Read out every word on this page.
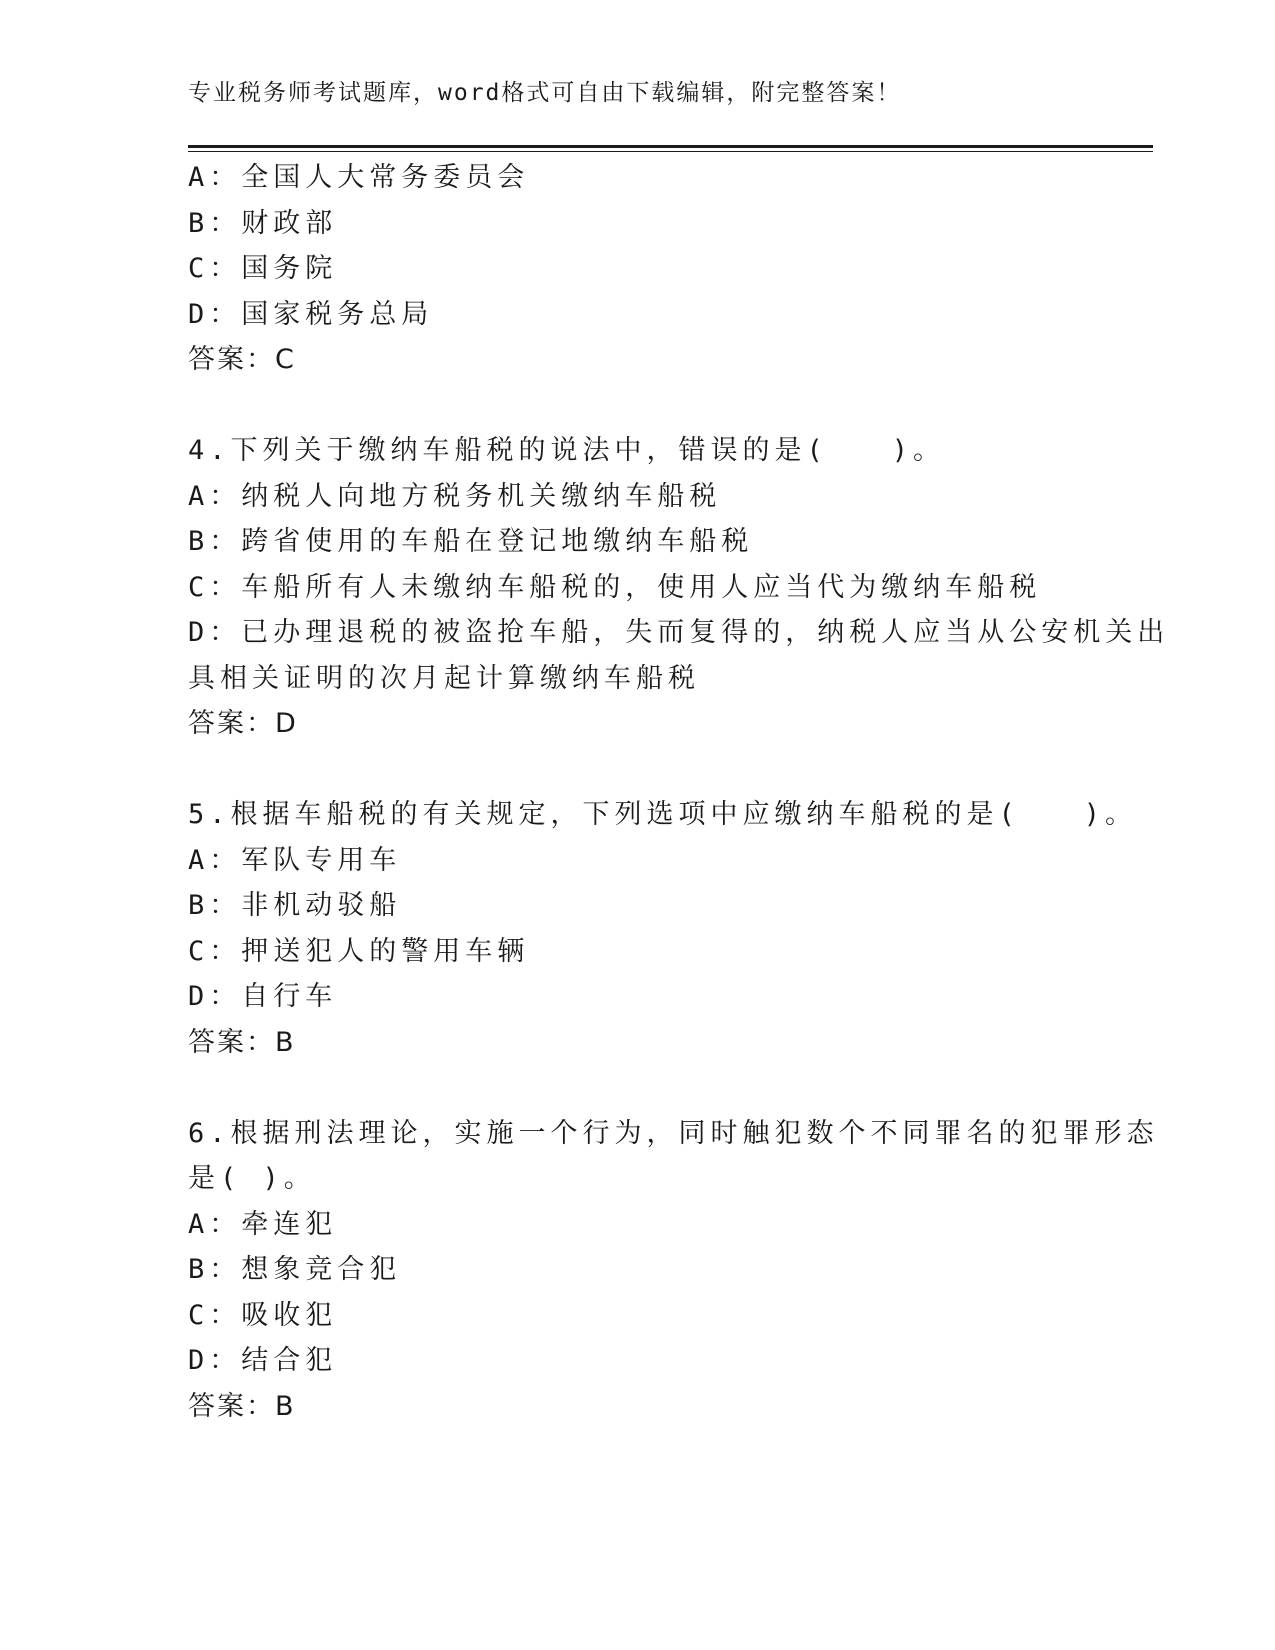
专业税务师考试题库，word格式可自由下载编辑，附完整答案！
A：全国人大常务委员会
B：财政部
C：国务院
D：国家税务总局
答案：C
4.下列关于缴纳车船税的说法中，错误的是(　　)。
A：纳税人向地方税务机关缴纳车船税
B：跨省使用的车船在登记地缴纳车船税
C：车船所有人未缴纳车船税的，使用人应当代为缴纳车船税
D：已办理退税的被盗抢车船，失而复得的，纳税人应当从公安机关出
具相关证明的次月起计算缴纳车船税
答案：D
5.根据车船税的有关规定，下列选项中应缴纳车船税的是(　　)。
A：军队专用车
B：非机动驳船
C：押送犯人的警用车辆
D：自行车
答案：B
6.根据刑法理论，实施一个行为，同时触犯数个不同罪名的犯罪形态
是( )。
A：牵连犯
B：想象竞合犯
C：吸收犯
D：结合犯
答案：B
